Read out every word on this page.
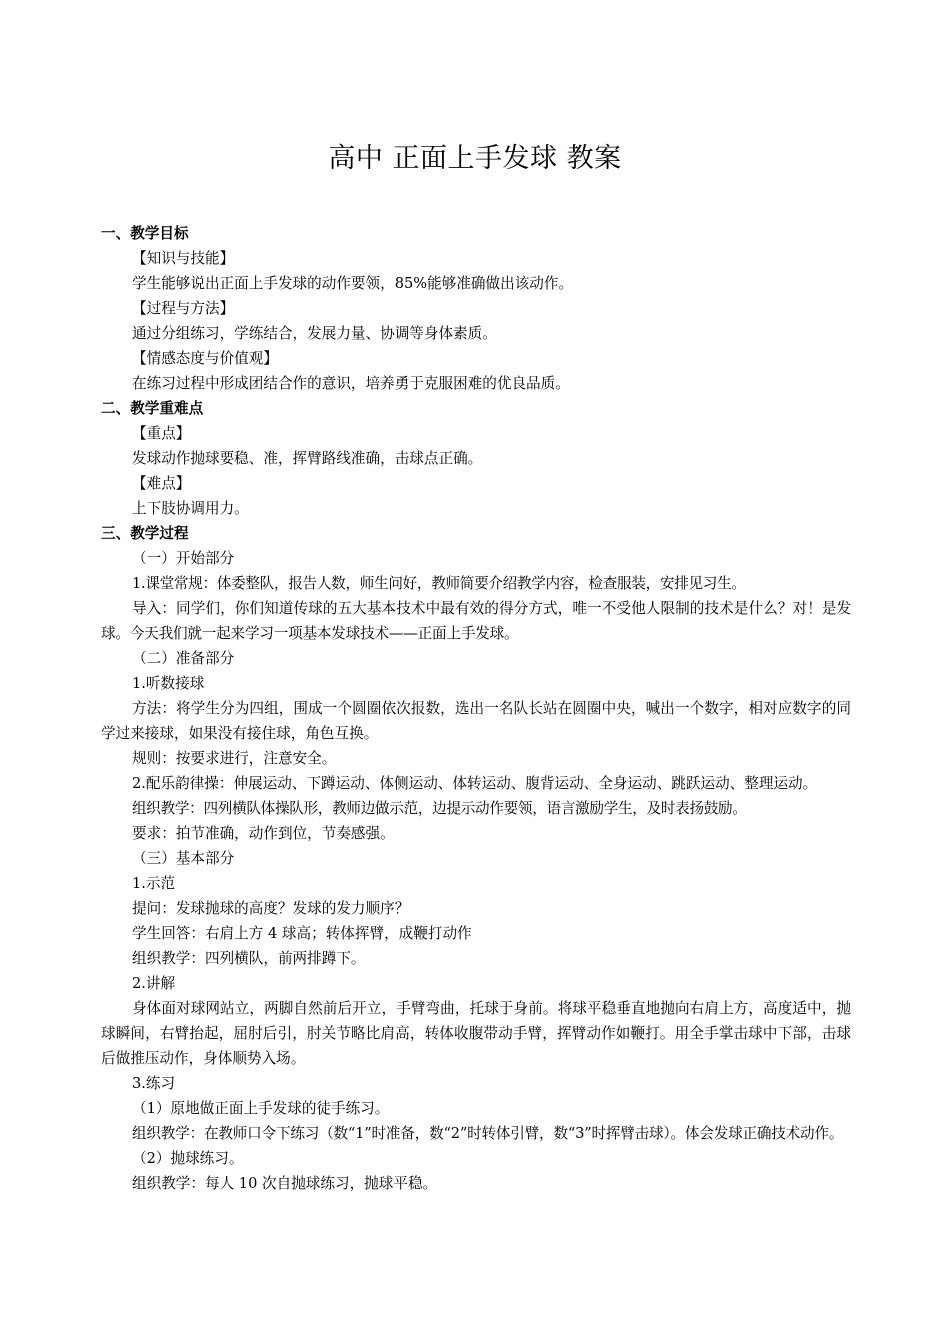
高中 正面上手发球 教案
一、教学目标
【知识与技能】
学生能够说出正面上手发球的动作要领，85%能够准确做出该动作。
【过程与方法】
通过分组练习，学练结合，发展力量、协调等身体素质。
【情感态度与价值观】
在练习过程中形成团结合作的意识，培养勇于克服困难的优良品质。
二、教学重难点
【重点】
发球动作抛球要稳、准，挥臂路线准确，击球点正确。
【难点】
上下肢协调用力。
三、教学过程
（一）开始部分
1.课堂常规：体委整队，报告人数，师生问好，教师简要介绍教学内容，检查服装，安排见习生。
导入：同学们，你们知道传球的五大基本技术中最有效的得分方式，唯一不受他人限制的技术是什么？对！是发球。今天我们就一起来学习一项基本发球技术——正面上手发球。
（二）准备部分
1.听数接球
方法：将学生分为四组，围成一个圆圈依次报数，选出一名队长站在圆圈中央，喊出一个数字，相对应数字的同学过来接球，如果没有接住球，角色互换。
规则：按要求进行，注意安全。
2.配乐韵律操：伸展运动、下蹲运动、体侧运动、体转运动、腹背运动、全身运动、跳跃运动、整理运动。
组织教学：四列横队体操队形，教师边做示范，边提示动作要领，语言激励学生，及时表扬鼓励。
要求：拍节准确，动作到位，节奏感强。
（三）基本部分
1.示范
提问：发球抛球的高度？发球的发力顺序？
学生回答：右肩上方 4 球高；转体挥臂，成鞭打动作
组织教学：四列横队，前两排蹲下。
2.讲解
身体面对球网站立，两脚自然前后开立，手臂弯曲，托球于身前。将球平稳垂直地抛向右肩上方，高度适中，抛球瞬间，右臂抬起，屈肘后引，肘关节略比肩高，转体收腹带动手臂，挥臂动作如鞭打。用全手掌击球中下部，击球后做推压动作，身体顺势入场。
3.练习
（1）原地做正面上手发球的徒手练习。
组织教学：在教师口令下练习（数“1”时准备，数“2”时转体引臂，数“3”时挥臂击球）。体会发球正确技术动作。
（2）抛球练习。
组织教学：每人 10 次自抛球练习，抛球平稳。
